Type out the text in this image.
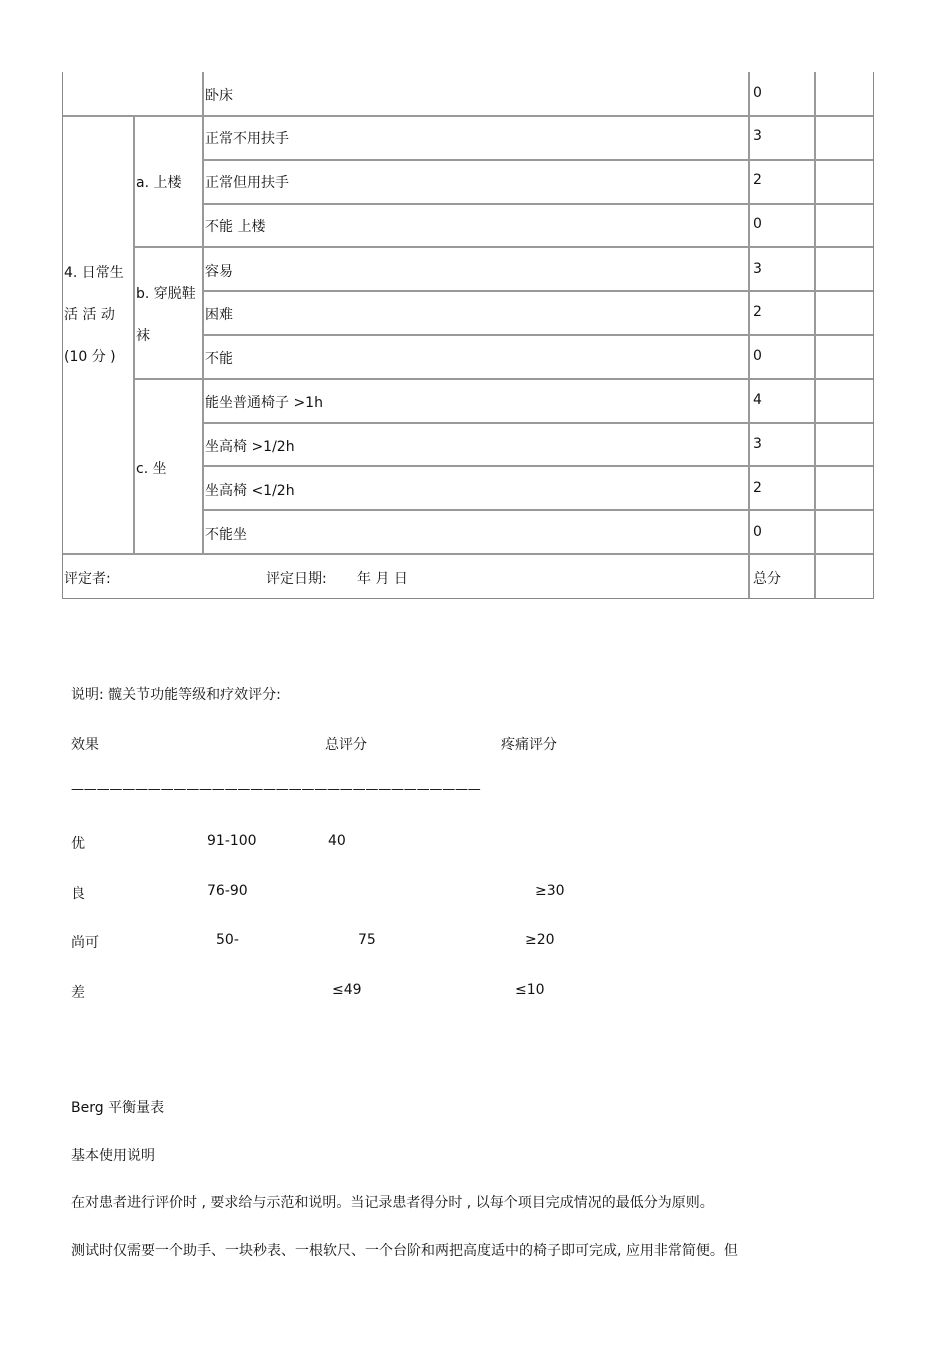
卧床	0
4. 日常生
活 活 动
(10 分 )
a. 上楼
正常不用扶手	3
正常但用扶手	2
不能 上楼	0
b. 穿脱鞋
袜
容易	3
困难	2
不能	0
c. 坐
能坐普通椅子 >1h	4
坐高椅 >1/2h	3
坐高椅 <1/2h	2
不能坐	0
评定者:	评定日期: 年 月 日	总分
说明: 髋关节功能等级和疗效评分:
效果	总评分	疼痛评分
————————————————————————————————
优	91-100	40
良	76-90	≥30
尚可	50-	75	≥20
差	≤49	≤10
Berg 平衡量表
基本使用说明
在对患者进行评价时 , 要求给与示范和说明。当记录患者得分时 , 以每个项目完成情况的最低分为原则。
测试时仅需要一个助手、一块秒表、一根软尺、一个台阶和两把高度适中的椅子即可完成, 应用非常简便。但
